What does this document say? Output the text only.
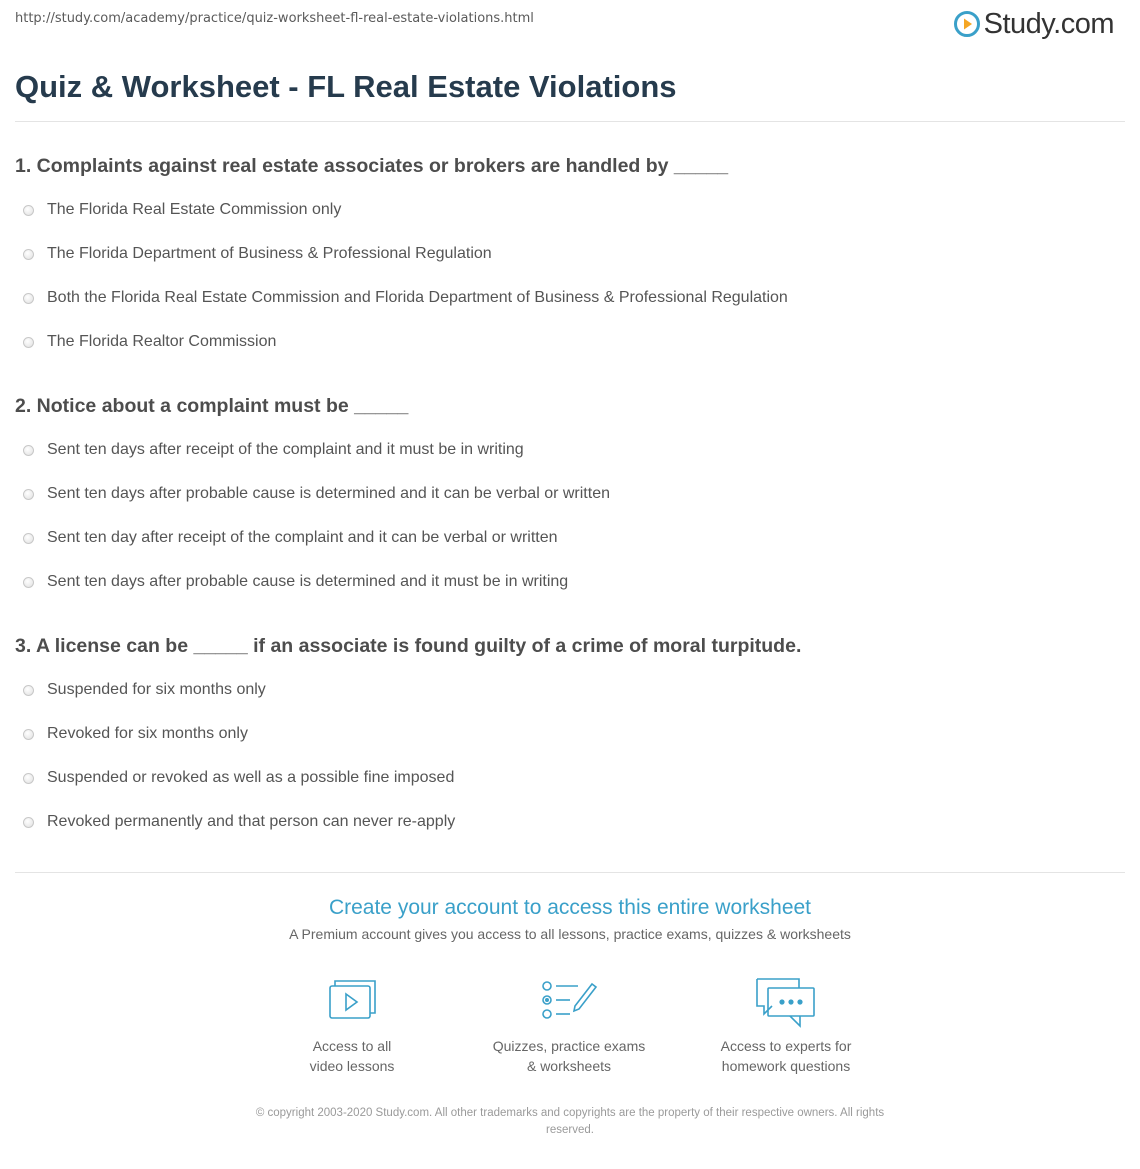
http://study.com/academy/practice/quiz-worksheet-fl-real-estate-violations.html	Study.com
Quiz & Worksheet - FL Real Estate Violations
1. Complaints against real estate associates or brokers are handled by _____
The Florida Real Estate Commission only
The Florida Department of Business & Professional Regulation
Both the Florida Real Estate Commission and Florida Department of Business & Professional Regulation
The Florida Realtor Commission
2. Notice about a complaint must be _____
Sent ten days after receipt of the complaint and it must be in writing
Sent ten days after probable cause is determined and it can be verbal or written
Sent ten day after receipt of the complaint and it can be verbal or written
Sent ten days after probable cause is determined and it must be in writing
3. A license can be _____ if an associate is found guilty of a crime of moral turpitude.
Suspended for six months only
Revoked for six months only
Suspended or revoked as well as a possible fine imposed
Revoked permanently and that person can never re-apply
Create your account to access this entire worksheet
A Premium account gives you access to all lessons, practice exams, quizzes & worksheets
Access to all
video lessons
Quizzes, practice exams
& worksheets
Access to experts for
homework questions
© copyright 2003-2020 Study.com. All other trademarks and copyrights are the property of their respective owners. All rights
reserved.
